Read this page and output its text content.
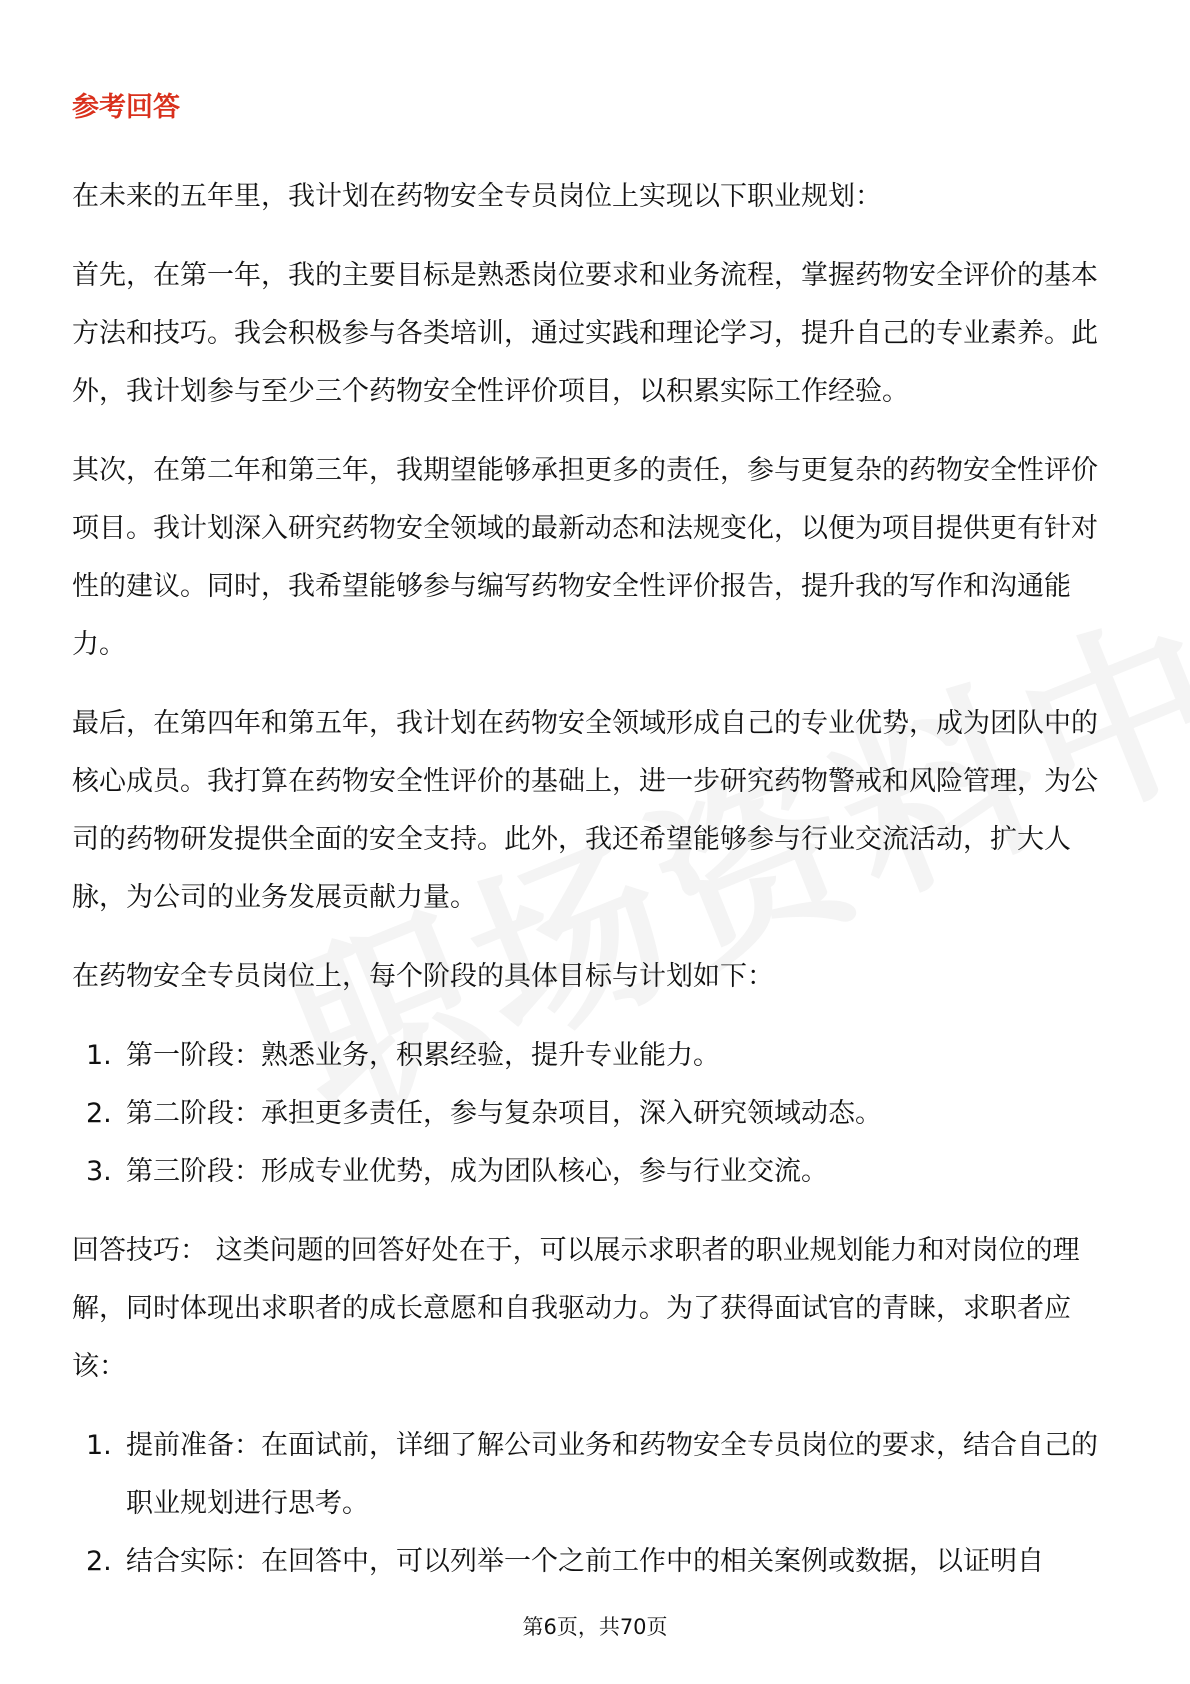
参考回答

在未来的五年里，我计划在药物安全专员岗位上实现以下职业规划：

首先，在第一年，我的主要目标是熟悉岗位要求和业务流程，掌握药物安全评价的基本方法和技巧。我会积极参与各类培训，通过实践和理论学习，提升自己的专业素养。此外，我计划参与至少三个药物安全性评价项目，以积累实际工作经验。

其次，在第二年和第三年，我期望能够承担更多的责任，参与更复杂的药物安全性评价项目。我计划深入研究药物安全领域的最新动态和法规变化，以便为项目提供更有针对性的建议。同时，我希望能够参与编写药物安全性评价报告，提升我的写作和沟通能力。

最后，在第四年和第五年，我计划在药物安全领域形成自己的专业优势，成为团队中的核心成员。我打算在药物安全性评价的基础上，进一步研究药物警戒和风险管理，为公司的药物研发提供全面的安全支持。此外，我还希望能够参与行业交流活动，扩大人脉，为公司的业务发展贡献力量。

在药物安全专员岗位上，每个阶段的具体目标与计划如下：

1. 第一阶段：熟悉业务，积累经验，提升专业能力。
2. 第二阶段：承担更多责任，参与复杂项目，深入研究领域动态。
3. 第三阶段：形成专业优势，成为团队核心，参与行业交流。

回答技巧： 这类问题的回答好处在于，可以展示求职者的职业规划能力和对岗位的理解，同时体现出求职者的成长意愿和自我驱动力。为了获得面试官的青睐，求职者应该：

1. 提前准备：在面试前，详细了解公司业务和药物安全专员岗位的要求，结合自己的职业规划进行思考。
2. 结合实际：在回答中，可以列举一个之前工作中的相关案例或数据，以证明自
第6页，共70页
